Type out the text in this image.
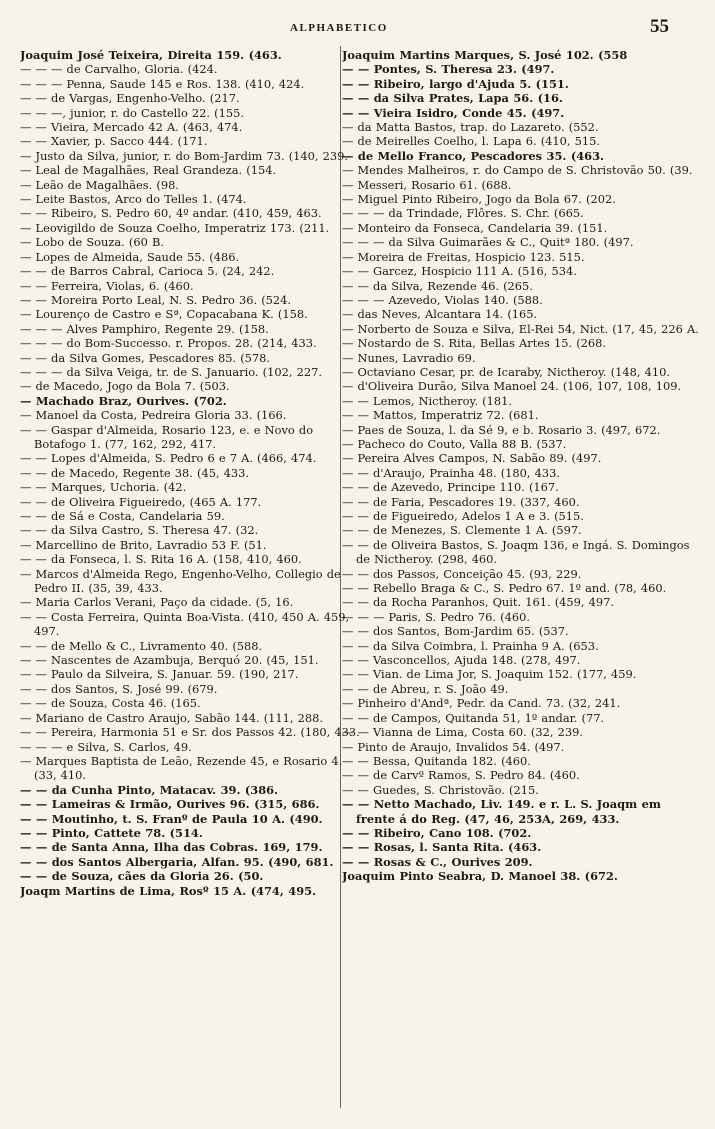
ALPHABETICO	55
Joaquim José Teixeira, Direita 159. (463.
— — — de Carvalho, Gloria. (424.
— — — Penna, Saude 145 e Ros. 138. (410, 424.
— — de Vargas, Engenho-Velho. (217.
— — —, junior, r. do Castello 22. (155.
— — Vieira, Mercado 42 A. (463, 474.
— — Xavier, p. Sacco 444. (171.
— Justo da Silva, junior, r. do Bom-Jardim 73. (140, 239.
— Leal de Magalhães, Real Grandeza. (154.
— Leão de Magalhães. (98.
— Leite Bastos, Arco do Telles 1. (474.
— — Ribeiro, S. Pedro 60, 4º andar. (410, 459, 463.
— Leovigildo de Souza Coelho, Imperatriz 173. (211.
— Lobo de Souza. (60 B.
— Lopes de Almeida, Saude 55. (486.
— — de Barros Cabral, Carioca 5. (24, 242.
— — Ferreira, Violas, 6. (460.
— — Moreira Porto Leal, N. S. Pedro 36. (524.
— Lourenço de Castro e Sª, Copacabana K. (158.
— — — Alves Pamphiro, Regente 29. (158.
— — — do Bom-Successo. r. Propos. 28. (214, 433.
— — da Silva Gomes, Pescadores 85. (578.
— — — da Silva Veiga, tr. de S. Januario. (102, 227.
— de Macedo, Jogo da Bola 7. (503.
— Machado Braz, Ourives. (702.
— Manoel da Costa, Pedreira Gloria 33. (166.
— — Gaspar d'Almeida, Rosario 123, e. e Novo do Botafogo 1. (77, 162, 292, 417.
— — Lopes d'Almeida, S. Pedro 6 e 7 A. (466, 474.
— — de Macedo, Regente 38. (45, 433.
— — Marques, Uchoria. (42.
— — de Oliveira Figueiredo, (465 A. 177.
— — de Sá e Costa, Candelaria 59.
— — da Silva Castro, S. Theresa 47. (32.
— Marcellino de Brito, Lavradio 53 F. (51.
— — da Fonseca, l. S. Rita 16 A. (158, 410, 460.
— Marcos d'Almeida Rego, Engenho-Velho, Collegio de Pedro II. (35, 39, 433.
— Maria Carlos Verani, Paço da cidade. (5, 16.
— — Costa Ferreira, Quinta Boa-Vista. (410, 450 A. 459, 497.
— — de Mello & C., Livramento 40. (588.
— — Nascentes de Azambuja, Berquó 20. (45, 151.
— — Paulo da Silveira, S. Januar. 59. (190, 217.
— — dos Santos, S. José 99. (679.
— — de Souza, Costa 46. (165.
— Mariano de Castro Araujo, Sabão 144. (111, 288.
— — Pereira, Harmonia 51 e Sr. dos Passos 42. (180, 433.
— — — e Silva, S. Carlos, 49.
— Marques Baptista de Leão, Rezende 45, e Rosario 4. (33, 410.
— — da Cunha Pinto, Matacav. 39. (386.
— — Lameiras & Irmão, Ourives 96. (315, 686.
— — Moutinho, t. S. Franº de Paula 10 A. (490.
— — Pinto, Cattete 78. (514.
— — de Santa Anna, Ilha das Cobras. 169, 179.
— — dos Santos Albergaria, Alfan. 95. (490, 681.
— — de Souza, cães da Gloria 26. (50.
Joaqm Martins de Lima, Rosº 15 A. (474, 495.
Joaquim Martins Marques, S. José 102. (558
— — Pontes, S. Theresa 23. (497.
— — Ribeiro, largo d'Ajuda 5. (151.
— — da Silva Prates, Lapa 56. (16.
— — Vieira Isidro, Conde 45. (497.
— da Matta Bastos, trap. do Lazareto. (552.
— de Meirelles Coelho, l. Lapa 6. (410, 515.
— de Mello Franco, Pescadores 35. (463.
— Mendes Malheiros, r. do Campo de S. Christovão 50. (39.
— Messeri, Rosario 61. (688.
— Miguel Pinto Ribeiro, Jogo da Bola 67. (202.
— — — da Trindade, Flôres. S. Chr. (665.
— Monteiro da Fonseca, Candelaria 39. (151.
— — — da Silva Guimarães & C., Quitª 180. (497.
— Moreira de Freitas, Hospicio 123. 515.
— — Garcez, Hospicio 111 A. (516, 534.
— — da Silva, Rezende 46. (265.
— — — Azevedo, Violas 140. (588.
— das Neves, Alcantara 14. (165.
— Norberto de Souza e Silva, El-Rei 54, Nict. (17, 45, 226 A.
— Nostardo de S. Rita, Bellas Artes 15. (268.
— Nunes, Lavradio 69.
— Octaviano Cesar, pr. de Icaraby, Nictheroy. (148, 410.
— d'Oliveira Durão, Silva Manoel 24. (106, 107, 108, 109.
— — Lemos, Nictheroy. (181.
— — Mattos, Imperatriz 72. (681.
— Paes de Souza, l. da Sé 9, e b. Rosario 3. (497, 672.
— Pacheco do Couto, Valla 88 B. (537.
— Pereira Alves Campos, N. Sabão 89. (497.
— — d'Araujo, Prainha 48. (180, 433.
— — de Azevedo, Principe 110. (167.
— — de Faria, Pescadores 19. (337, 460.
— — de Figueiredo, Adelos 1 A e 3. (515.
— — de Menezes, S. Clemente 1 A. (597.
— — de Oliveira Bastos, S. Joaqm 136, e Ingá. S. Domingos de Nictheroy. (298, 460.
— — dos Passos, Conceição 45. (93, 229.
— — Rebello Braga & C., S. Pedro 67. 1º and. (78, 460.
— — da Rocha Paranhos, Quit. 161. (459, 497.
— — — Paris, S. Pedro 76. (460.
— — dos Santos, Bom-Jardim 65. (537.
— — da Silva Coimbra, l. Prainha 9 A. (653.
— — Vasconcellos, Ajuda 148. (278, 497.
— — Vian. de Lima Jor, S. Joaquim 152. (177, 459.
— — de Abreu, r. S. João 49.
— Pinheiro d'Andª, Pedr. da Cand. 73. (32, 241.
— — de Campos, Quitanda 51, 1º andar. (77.
— — Vianna de Lima, Costa 60. (32, 239.
— Pinto de Araujo, Invalidos 54. (497.
— — Bessa, Quitanda 182. (460.
— — de Carvº Ramos, S. Pedro 84. (460.
— — Guedes, S. Christovão. (215.
— — Netto Machado, Liv. 149. e r. L. S. Joaqm em frente á do Reg. (47, 46, 253A, 269, 433.
— — Ribeiro, Cano 108. (702.
— — Rosas, l. Santa Rita. (463.
— — Rosas & C., Ourives 209.
Joaquim Pinto Seabra, D. Manoel 38. (672.
